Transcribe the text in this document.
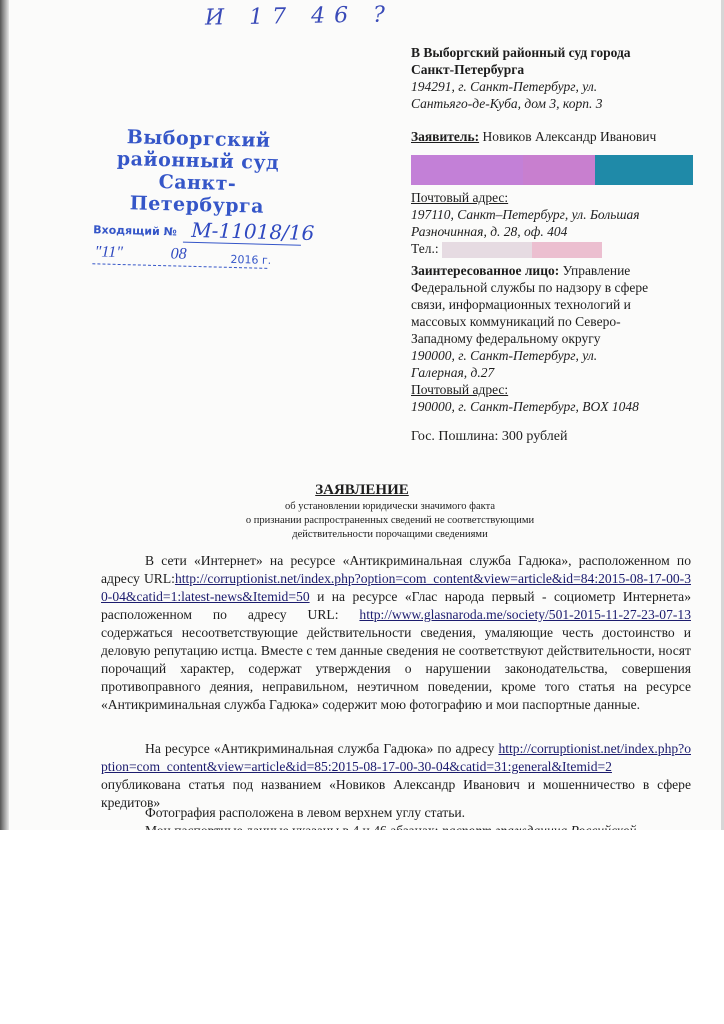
И 17 46 ?
Выборгский
районный суд
Санкт-Петербурга
Входящий № М-11018/16
"11"	08	2016 г.
В Выборгский районный суд города
Санкт-Петербурга
194291, г. Санкт-Петербург, ул.
Сантьяго-де-Куба, дом 3, корп. 3
Заявитель: Новиков Александр Иванович
Почтовый адрес:
197110, Санкт–Петербург, ул. Большая
Разночинная, д. 28, оф. 404
Тел.:
Заинтересованное лицо: Управление
Федеральной службы по надзору в сфере
связи, информационных технологий и
массовых коммуникаций по Северо-
Западному федеральному округу
190000, г. Санкт-Петербург, ул.
Галерная, д.27
Почтовый адрес:
190000, г. Санкт-Петербург, BOX 1048
Гос. Пошлина: 300 рублей
ЗАЯВЛЕНИЕ
об установлении юридически значимого факта
о признании распространенных сведений не соответствующими
действительности порочащими сведениями
В сети «Интернет» на ресурсе «Антикриминальная служба Гадюка», расположенном по адресу URL:http://corruptionist.net/index.php?option=com_content&view=article&id=84:2015-08-17-00-30-04&catid=1:latest-news&Itemid=50 и на ресурсе «Глас народа первый - социометр Интернета» расположенном по адресу URL: http://www.glasnaroda.me/society/501-2015-11-27-23-07-13 содержаться несоответствующие действительности сведения, умаляющие честь достоинство и деловую репутацию истца. Вместе с тем данные сведения не соответствуют действительности, носят порочащий характер, содержат утверждения о нарушении законодательства, совершения противоправного деяния, неправильном, неэтичном поведении, кроме того статья на ресурсе «Антикриминальная служба Гадюка» содержит мою фотографию и мои паспортные данные.
На ресурсе «Антикриминальная служба Гадюка» по адресу http://corruptionist.net/index.php?option=com_content&view=article&id=85:2015-08-17-00-30-04&catid=31:general&Itemid=2 опубликована статья под названием «Новиков Александр Иванович и мошенничество в сфере кредитов»
Фотография расположена в левом верхнем углу статьи.
